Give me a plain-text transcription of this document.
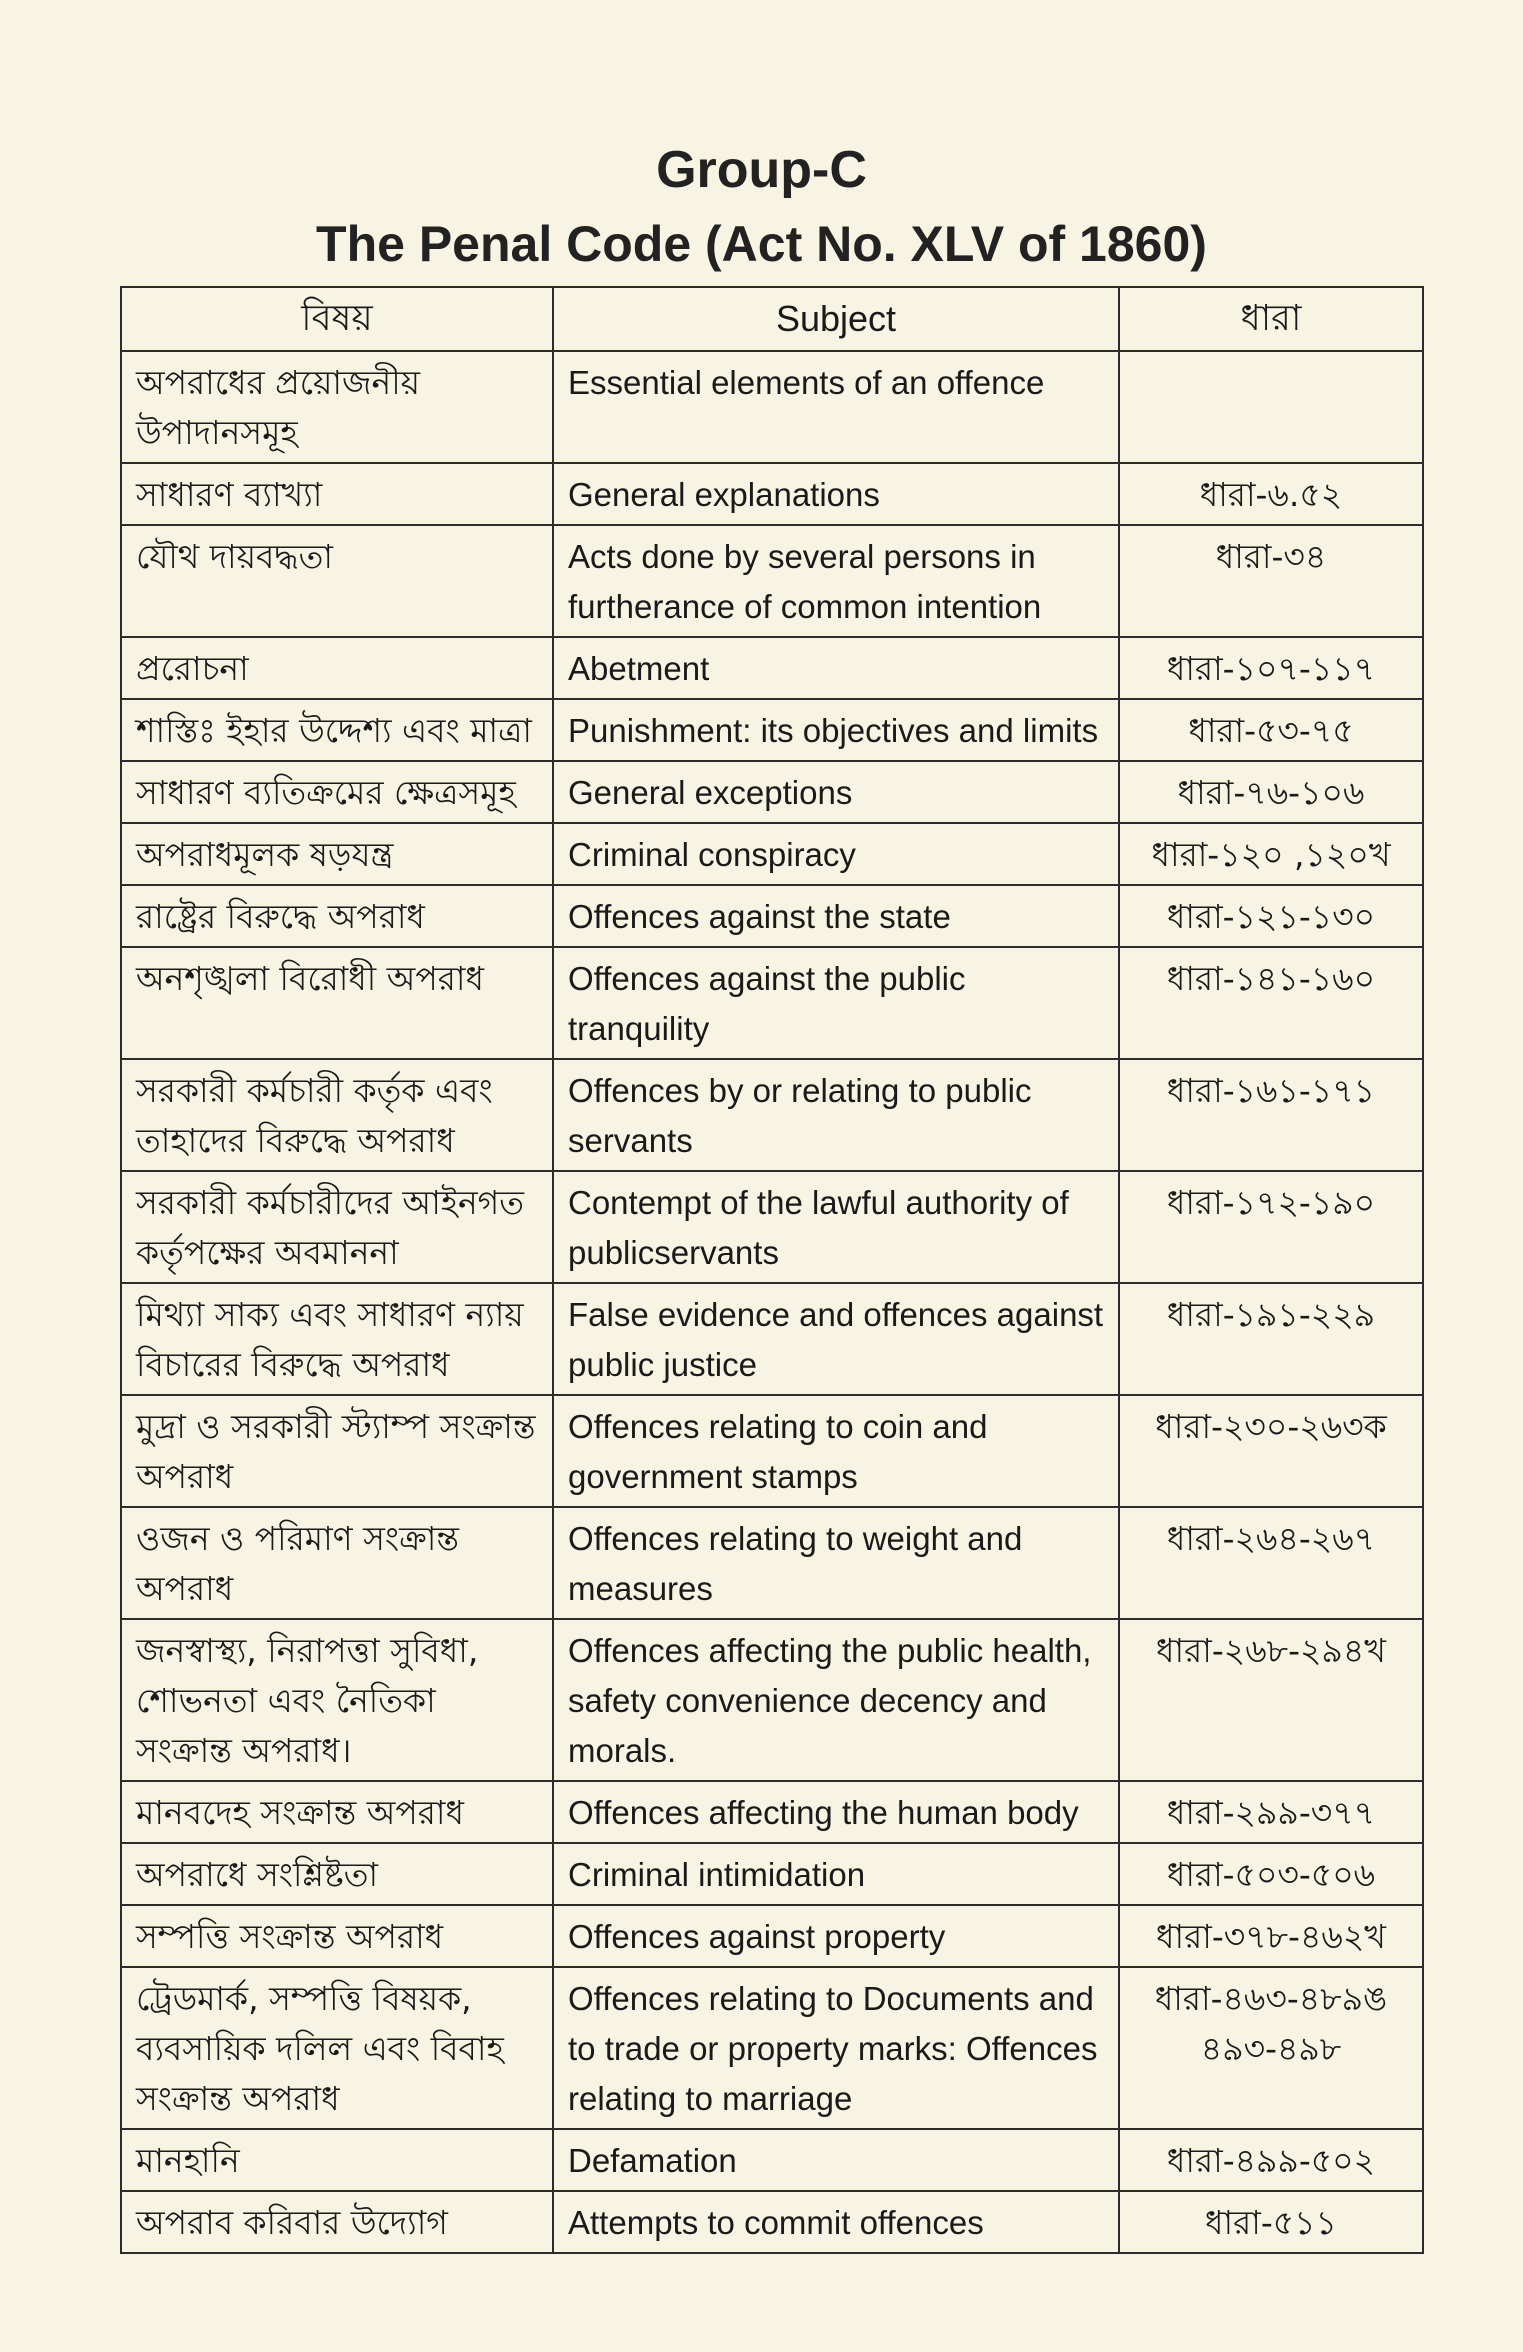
Group-C
The Penal Code (Act No. XLV of 1860)
বিষয়	Subject	ধারা
অপরাধের প্রয়োজনীয় উপাদানসমূহ	Essential elements of an offence	
সাধারণ ব্যাখ্যা	General explanations	ধারা-৬.৫২
যৌথ দায়বদ্ধতা	Acts done by several persons in furtherance of common intention	ধারা-৩৪
প্ররোচনা	Abetment	ধারা-১০৭-১১৭
শাস্তিঃ ইহার উদ্দেশ্য এবং মাত্রা	Punishment: its objectives and limits	ধারা-৫৩-৭৫
সাধারণ ব্যতিক্রমের ক্ষেত্রসমূহ	General exceptions	ধারা-৭৬-১০৬
অপরাধমূলক ষড়যন্ত্র	Criminal conspiracy	ধারা-১২০ ,১২০খ
রাষ্ট্রের বিরুদ্ধে অপরাধ	Offences against the state	ধারা-১২১-১৩০
অনশৃঙ্খলা বিরোধী অপরাধ	Offences against the public tranquility	ধারা-১৪১-১৬০
সরকারী কর্মচারী কর্তৃক এবং তাহাদের বিরুদ্ধে অপরাধ	Offences by or relating to public servants	ধারা-১৬১-১৭১
সরকারী কর্মচারীদের আইনগত কর্তৃপক্ষের অবমাননা	Contempt of the lawful authority of publicservants	ধারা-১৭২-১৯০
মিথ্যা সাক্য এবং সাধারণ ন্যায় বিচারের বিরুদ্ধে অপরাধ	False evidence and offences against public justice	ধারা-১৯১-২২৯
মুদ্রা ও সরকারী স্ট্যাম্প সংক্রান্ত অপরাধ	Offences relating to coin and government stamps	ধারা-২৩০-২৬৩ক
ওজন ও পরিমাণ সংক্রান্ত অপরাধ	Offences relating to weight and measures	ধারা-২৬৪-২৬৭
জনস্বাস্থ্য, নিরাপত্তা সুবিধা, শোভনতা এবং নৈতিকা সংক্রান্ত অপরাধ।	Offences affecting the public health, safety convenience decency and morals.	ধারা-২৬৮-২৯৪খ
মানবদেহ সংক্রান্ত অপরাধ	Offences affecting the human body	ধারা-২৯৯-৩৭৭
অপরাধে সংশ্লিষ্টতা	Criminal intimidation	ধারা-৫০৩-৫০৬
সম্পত্তি সংক্রান্ত অপরাধ	Offences against property	ধারা-৩৭৮-৪৬২খ
ট্রেডমার্ক, সম্পত্তি বিষয়ক, ব্যবসায়িক দলিল এবং বিবাহ সংক্রান্ত অপরাধ	Offences relating to Documents and to trade or property marks: Offences relating to marriage	ধারা-৪৬৩-৪৮৯ঙ ৪৯৩-৪৯৮
মানহানি	Defamation	ধারা-৪৯৯-৫০২
অপরাব করিবার উদ্যোগ	Attempts to commit offences	ধারা-৫১১
